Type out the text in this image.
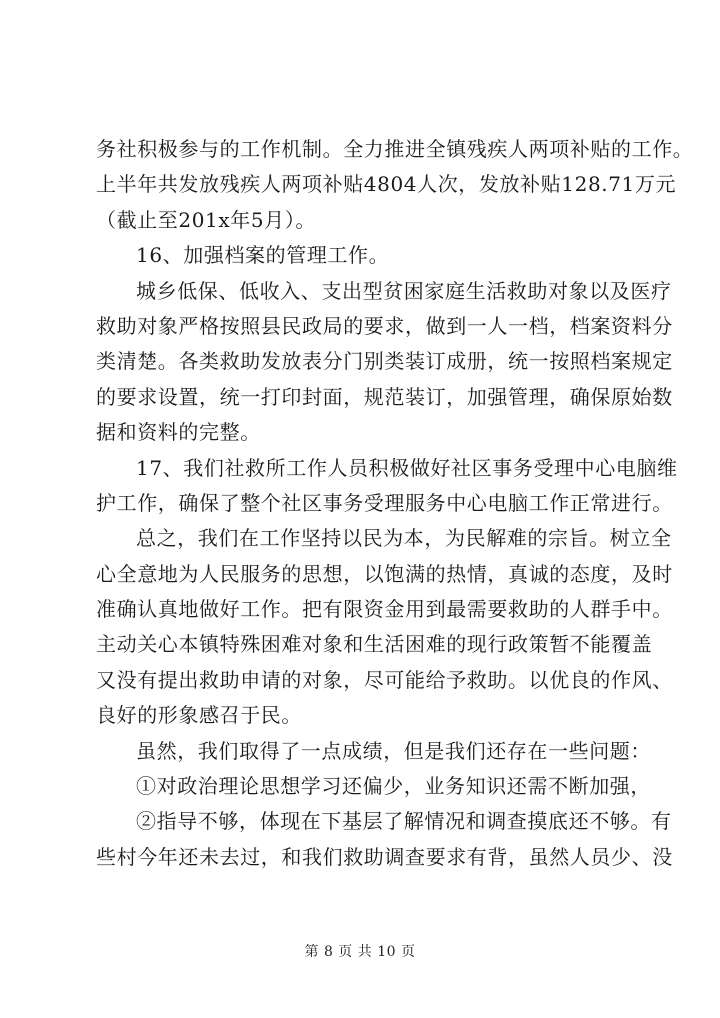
务社积极参与的工作机制。全力推进全镇残疾人两项补贴的工作。
上半年共发放残疾人两项补贴4804人次，发放补贴128.71万元
（截止至201x年5月）。
16、加强档案的管理工作。
城乡低保、低收入、支出型贫困家庭生活救助对象以及医疗
救助对象严格按照县民政局的要求，做到一人一档，档案资料分
类清楚。各类救助发放表分门别类装订成册，统一按照档案规定
的要求设置，统一打印封面，规范装订，加强管理，确保原始数
据和资料的完整。
17、我们社救所工作人员积极做好社区事务受理中心电脑维
护工作，确保了整个社区事务受理服务中心电脑工作正常进行。
总之，我们在工作坚持以民为本，为民解难的宗旨。树立全
心全意地为人民服务的思想，以饱满的热情，真诚的态度，及时
准确认真地做好工作。把有限资金用到最需要救助的人群手中。
主动关心本镇特殊困难对象和生活困难的现行政策暂不能覆盖
又没有提出救助申请的对象，尽可能给予救助。以优良的作风、
良好的形象感召于民。
虽然，我们取得了一点成绩，但是我们还存在一些问题：
①对政治理论思想学习还偏少，业务知识还需不断加强，
②指导不够，体现在下基层了解情况和调查摸底还不够。有
些村今年还未去过，和我们救助调查要求有背，虽然人员少、没
第 8 页 共 10 页
